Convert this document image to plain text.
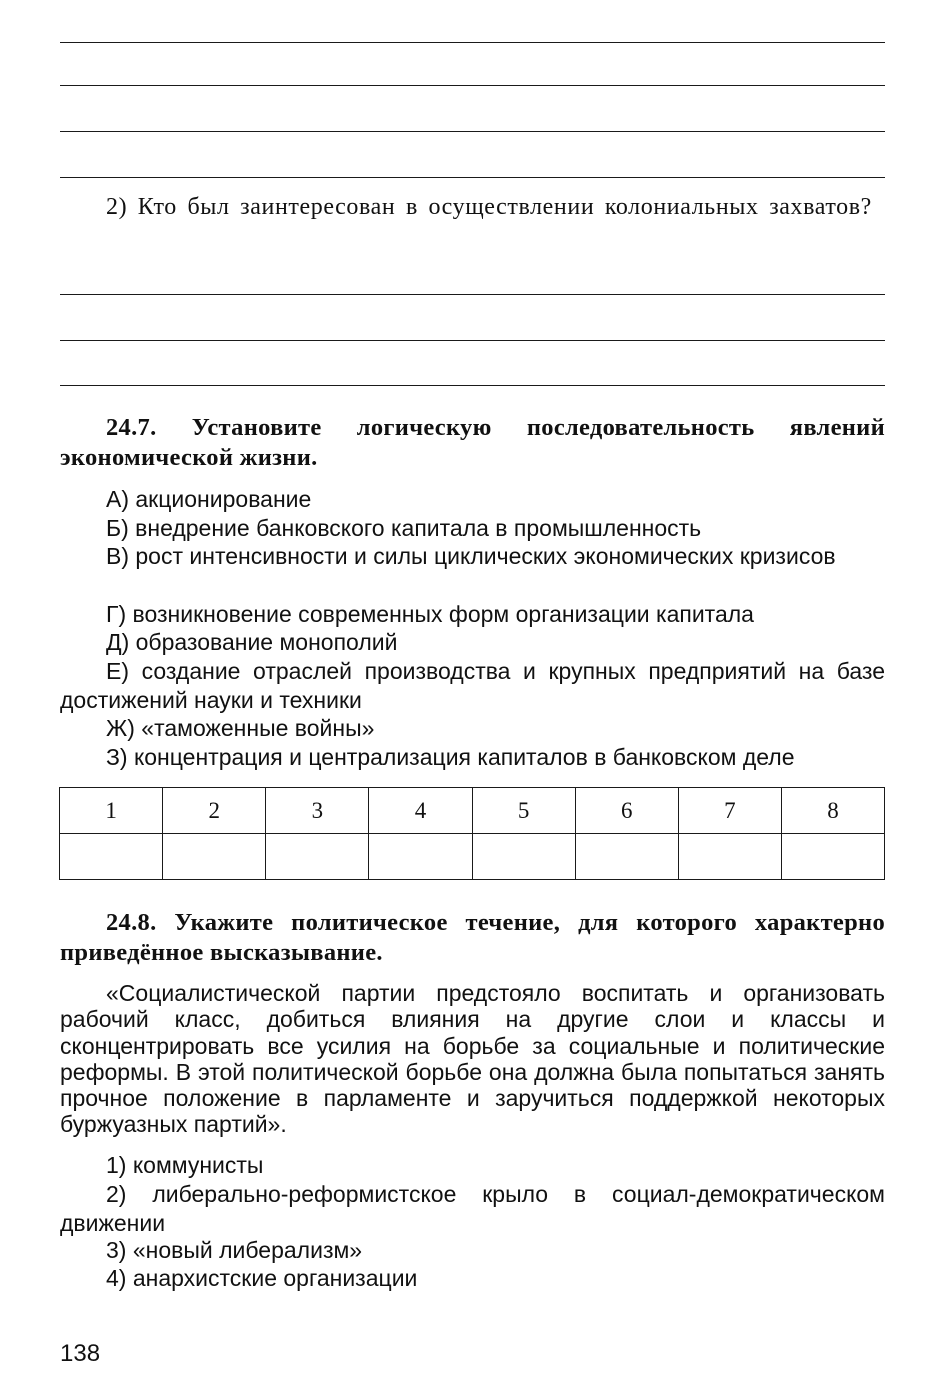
2) Кто был заинтересован в осуществлении колониальных захватов?
24.7. Установите логическую последовательность явлений экономической жизни.
А) акционирование
Б) внедрение банковского капитала в промышленность
В) рост интенсивности и силы циклических экономических кризисов
Г) возникновение современных форм организации капитала
Д) образование монополий
Е) создание отраслей производства и крупных предприятий на базе достижений науки и техники
Ж) «таможенные войны»
З) концентрация и централизация капиталов в банковском деле
1	2	3	4	5	6	7	8

24.8. Укажите политическое течение, для которого характерно приведённое высказывание.
«Социалистической партии предстояло воспитать и организовать рабочий класс, добиться влияния на другие слои и классы и сконцентрировать все усилия на борьбе за социальные и политические реформы. В этой политической борьбе она должна была попытаться занять прочное положение в парламенте и заручиться поддержкой некоторых буржуазных партий».
1) коммунисты
2) либерально-реформистское крыло в социал-демократическом движении
3) «новый либерализм»
4) анархистские организации
138
